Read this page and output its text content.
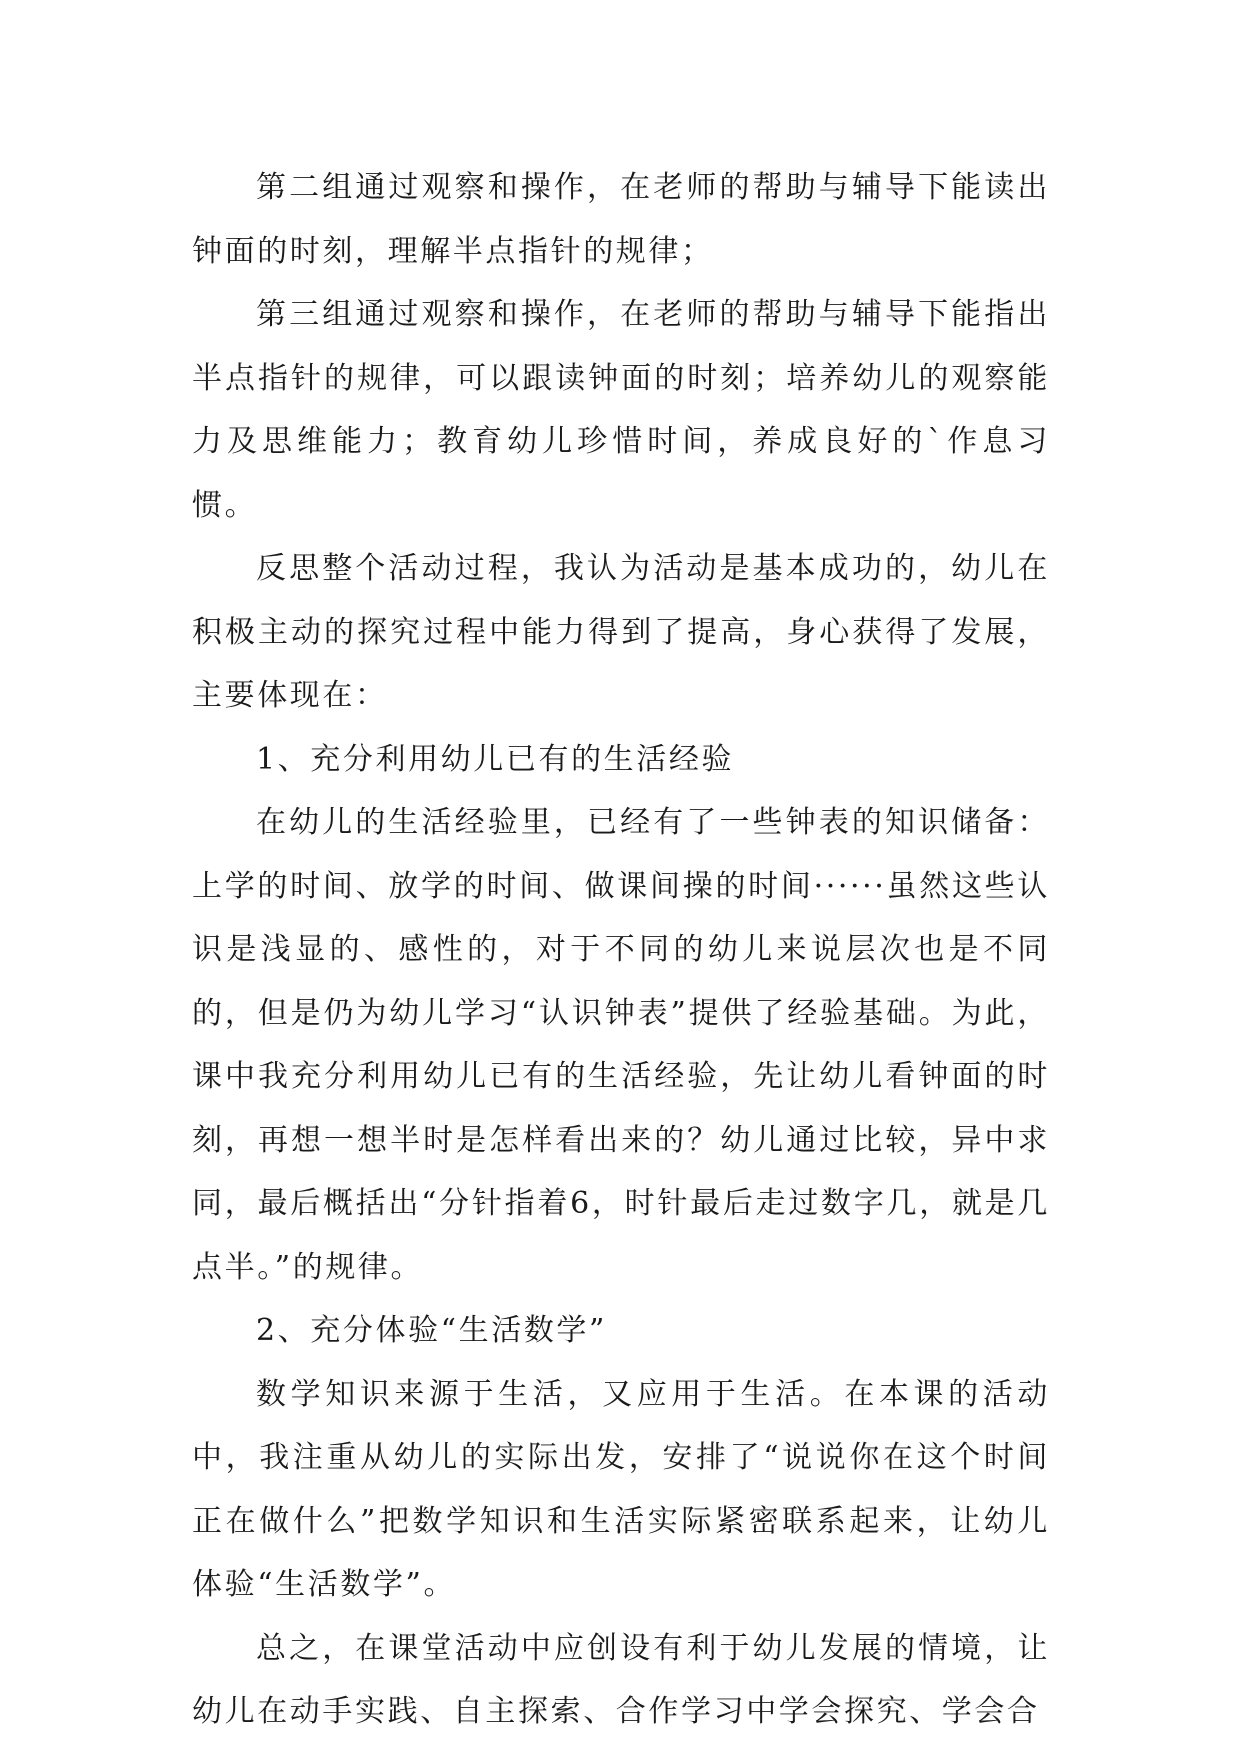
第二组通过观察和操作，在老师的帮助与辅导下能读出钟面的时刻，理解半点指针的规律；

第三组通过观察和操作，在老师的帮助与辅导下能指出半点指针的规律，可以跟读钟面的时刻；培养幼儿的观察能力及思维能力；教育幼儿珍惜时间，养成良好的`作息习惯。

反思整个活动过程，我认为活动是基本成功的，幼儿在积极主动的探究过程中能力得到了提高，身心获得了发展，主要体现在：

1、充分利用幼儿已有的生活经验

在幼儿的生活经验里，已经有了一些钟表的知识储备：上学的时间、放学的时间、做课间操的时间······虽然这些认识是浅显的、感性的，对于不同的幼儿来说层次也是不同的，但是仍为幼儿学习“认识钟表”提供了经验基础。为此，课中我充分利用幼儿已有的生活经验，先让幼儿看钟面的时刻，再想一想半时是怎样看出来的？幼儿通过比较，异中求同，最后概括出“分针指着6，时针最后走过数字几，就是几点半。”的规律。

2、充分体验“生活数学”

数学知识来源于生活，又应用于生活。在本课的活动中，我注重从幼儿的实际出发，安排了“说说你在这个时间正在做什么”把数学知识和生活实际紧密联系起来，让幼儿体验“生活数学”。

总之，在课堂活动中应创设有利于幼儿发展的情境，让幼儿在动手实践、自主探索、合作学习中学会探究、学会合
